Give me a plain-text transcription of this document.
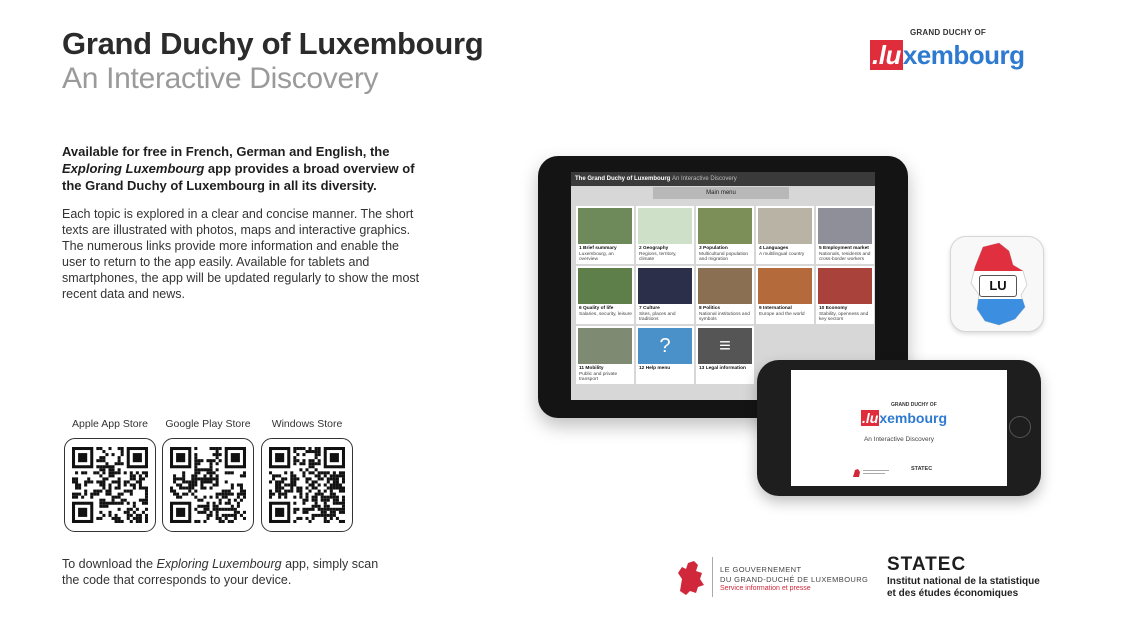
Grand Duchy of Luxembourg
An Interactive Discovery
GRAND DUCHY OF
.luxembourg
Available for free in French, German and English, the Exploring Luxembourg app provides a broad overview of the Grand Duchy of Luxembourg in all its diversity.
Each topic is explored in a clear and concise manner. The short texts are illustrated with photos, maps and interactive graphics. The numerous links provide more information and enable the user to return to the app easily. Available for tablets and smartphones, the app will be updated regularly to show the most recent data and news.
Apple App Store	Google Play Store	Windows Store
To download the Exploring Luxembourg app, simply scan the code that corresponds to your device.
The Grand Duchy of Luxembourg An Interactive Discovery
Main menu
1 Brief summary
Luxembourg, an overview
2 Geography
Regions, territory, climate
3 Population
Multicultural population and migration
4 Languages
A multilingual country
5 Employment market
Nationals, residents and cross-border workers
6 Quality of life
Salaries, security, leisure
7 Culture
Sites, places and traditions
8 Politics
National institutions and symbols
9 International
Europe and the world
10 Economy
Stability, openness and key sectors
11 Mobility
Public and private transport
?
12 Help menu
≡
13 Legal information
LU
GRAND DUCHY OF
.luxembourg
An Interactive Discovery
STATEC
LE GOUVERNEMENT
DU GRAND-DUCHÉ DE LUXEMBOURG
Service information et presse
STATEC
Institut national de la statistique
et des études économiques
